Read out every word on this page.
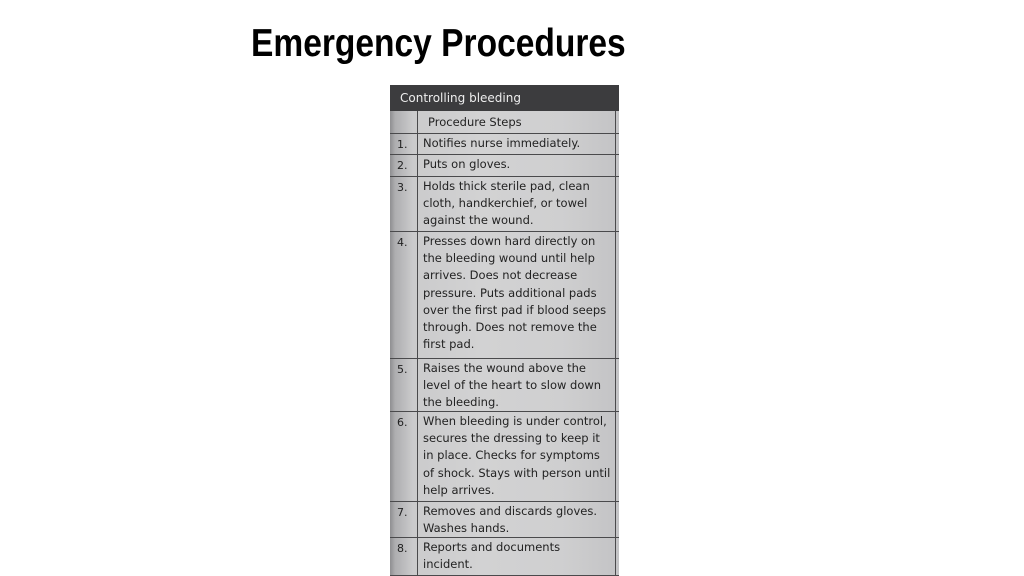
Emergency Procedures
Controlling bleeding
Procedure Steps
1. Notifies nurse immediately.
2. Puts on gloves.
3. Holds thick sterile pad, clean
cloth, handkerchief, or towel
against the wound.
4. Presses down hard directly on
the bleeding wound until help
arrives. Does not decrease
pressure. Puts additional pads
over the first pad if blood seeps
through. Does not remove the
first pad.
5. Raises the wound above the
level of the heart to slow down
the bleeding.
6. When bleeding is under control,
secures the dressing to keep it
in place. Checks for symptoms
of shock. Stays with person until
help arrives.
7. Removes and discards gloves.
Washes hands.
8. Reports and documents
incident.
